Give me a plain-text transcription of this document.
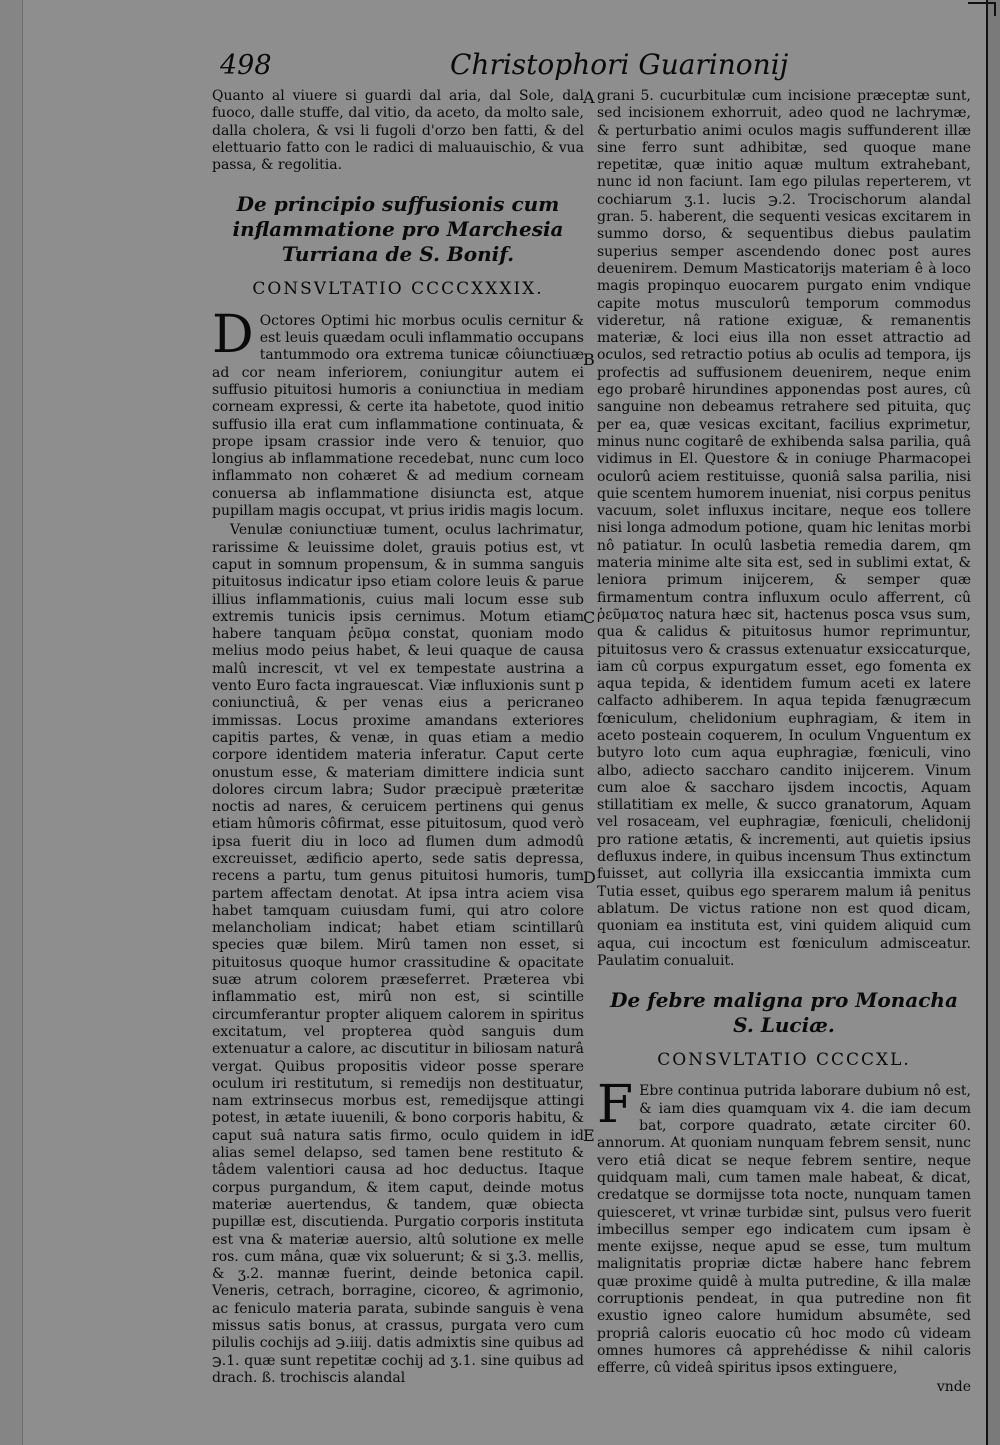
498	Christophori Guarinonij
A
B
C
D
E

Quanto al viuere si guardi dal aria, dal Sole, dal fuoco, dalle stuffe, dal vitio, da aceto, da molto sale, dalla cholera, & vsi li fugoli d'orzo ben fatti, & del elettuario fatto con le radici di maluauischio, & vua passa, & regolitia.

De principio suffusionis cum inflammatione pro Marchesia Turriana de S. Bonif.
CONSVLTATIO CCCCXXXIX.

D Octores Optimi hic morbus oculis cernitur & est leuis quædam oculi inflammatio occupans tantummodo ora extrema tunicæ côiunctiuæ ad cor neam inferiorem, coniungitur autem ei suffusio pituitosi humoris a coniunctiua in mediam corneam expressi, & certe ita habetote, quod initio suffusio illa erat cum inflammatione continuata, & prope ipsam crassior inde vero & tenuior, quo longius ab inflammatione recedebat, nunc cum loco inflammato non cohæret & ad medium corneam conuersa ab inflammatione disiuncta est, atque pupillam magis occupat, vt prius iridis magis locum.

Venulæ coniunctiuæ tument, oculus lachrimatur, rarissime & leuissime dolet, grauis potius est, vt caput in somnum propensum, & in summa sanguis pituitosus indicatur ipso etiam colore leuis & parue illius inflammationis, cuius mali locum esse sub extremis tunicis ipsis cernimus. Motum etiam habere tanquam ῥεῦμα constat, quoniam modo melius modo peius habet, & leui quaque de causa malû increscit, vt vel ex tempestate austrina a vento Euro facta ingrauescat. Viæ influxionis sunt p coniunctiuâ, & per venas eius a pericraneo immissas. Locus proxime amandans exteriores capitis partes, & venæ, in quas etiam a medio corpore identidem materia inferatur. Caput certe onustum esse, & materiam dimittere indicia sunt dolores circum labra; Sudor præcipuè præteritæ noctis ad nares, & ceruicem pertinens qui genus etiam hûmoris côfirmat, esse pituitosum, quod verò ipsa fuerit diu in loco ad flumen dum admodû excreuisset, ædificio aperto, sede satis depressa, recens a partu, tum genus pituitosi humoris, tum partem affectam denotat. At ipsa intra aciem visa habet tamquam cuiusdam fumi, qui atro colore melancholiam indicat; habet etiam scintillarû species quæ bilem. Mirû tamen non esset, si pituitosus quoque humor crassitudine & opacitate suæ atrum colorem præseferret. Præterea vbi inflammatio est, mirû non est, si scintille circumferantur propter aliquem calorem in spiritus excitatum, vel propterea quòd sanguis dum extenuatur a calore, ac discutitur in biliosam naturâ vergat. Quibus propositis videor posse sperare oculum iri restitutum, si remedijs non destituatur, nam extrinsecus morbus est, remedijsque attingi potest, in ætate iuuenili, & bono corporis habitu, & caput suâ natura satis firmo, oculo quidem in id alias semel delapso, sed tamen bene restituto & tâdem valentiori causa ad hoc deductus. Itaque corpus purgandum, & item caput, deinde motus materiæ auertendus, & tandem, quæ obiecta pupillæ est, discutienda. Purgatio corporis instituta est vna & materiæ auersio, altû solutione ex melle ros. cum mâna, quæ vix soluerunt; & si ʒ.3. mellis, & ʒ.2. mannæ fuerint, deinde betonica capil. Veneris, cetrach, borragine, cicoreo, & agrimonio, ac feniculo materia parata, subinde sanguis è vena missus satis bonus, at crassus, purgata vero cum pilulis cochijs ad ℈.iiij. datis admixtis sine quibus ad ℈.1. quæ sunt repetitæ cochij ad ʒ.1. sine quibus ad drach. ß. trochiscis alandal

grani 5. cucurbitulæ cum incisione præceptæ sunt, sed incisionem exhorruit, adeo quod ne lachrymæ, & perturbatio animi oculos magis suffunderent illæ sine ferro sunt adhibitæ, sed quoque mane repetitæ, quæ initio aquæ multum extrahebant, nunc id non faciunt. Iam ego pilulas reperterem, vt cochiarum ʒ.1. lucis ℈.2. Trocischorum alandal gran. 5. haberent, die sequenti vesicas excitarem in summo dorso, & sequentibus diebus paulatim superius semper ascendendo donec post aures deuenirem. Demum Masticatorijs materiam ê à loco magis propinquo euocarem purgato enim vndique capite motus musculorû temporum commodus videretur, nâ ratione exiguæ, & remanentis materiæ, & loci eius illa non esset attractio ad oculos, sed retractio potius ab oculis ad tempora, ijs profectis ad suffusionem deuenirem, neque enim ego probarê hirundines apponendas post aures, cû sanguine non debeamus retrahere sed pituita, quç per ea, quæ vesicas excitant, facilius exprimetur, minus nunc cogitarê de exhibenda salsa parilia, quâ vidimus in El. Questore & in coniuge Pharmacopei oculorû aciem restituisse, quoniâ salsa parilia, nisi quie scentem humorem inueniat, nisi corpus penitus vacuum, solet influxus incitare, neque eos tollere nisi longa admodum potione, quam hic lenitas morbi nô patiatur. In oculû lasbetia remedia darem, qm materia minime alte sita est, sed in sublimi extat, & leniora primum inijcerem, & semper quæ firmamentum contra influxum oculo afferrent, cû ῥεῦματος natura hæc sit, hactenus posca vsus sum, qua & calidus & pituitosus humor reprimuntur, pituitosus vero & crassus extenuatur exsiccaturque, iam cû corpus expurgatum esset, ego fomenta ex aqua tepida, & identidem fumum aceti ex latere calfacto adhiberem. In aqua tepida fænugræcum fœniculum, chelidonium euphragiam, & item in aceto posteain coquerem, In oculum Vnguentum ex butyro loto cum aqua euphragiæ, fœniculi, vino albo, adiecto saccharo candito inijcerem. Vinum cum aloe & saccharo ijsdem incoctis, Aquam stillatitiam ex melle, & succo granatorum, Aquam vel rosaceam, vel euphragiæ, fœniculi, chelidonij pro ratione ætatis, & incrementi, aut quietis ipsius defluxus indere, in quibus incensum Thus extinctum fuisset, aut collyria illa exsiccantia immixta cum Tutia esset, quibus ego sperarem malum iâ penitus ablatum. De victus ratione non est quod dicam, quoniam ea instituta est, vini quidem aliquid cum aqua, cui incoctum est fœniculum admisceatur. Paulatim conualuit.

De febre maligna pro Monacha S. Luciæ.
CONSVLTATIO CCCCXL.

F Ebre continua putrida laborare dubium nô est, & iam dies quamquam vix 4. die iam decum bat, corpore quadrato, ætate circiter 60. annorum. At quoniam nunquam febrem sensit, nunc vero etiâ dicat se neque febrem sentire, neque quidquam mali, cum tamen male habeat, & dicat, credatque se dormijsse tota nocte, nunquam tamen quiesceret, vt vrinæ turbidæ sint, pulsus vero fuerit imbecillus semper ego indicatem cum ipsam è mente exijsse, neque apud se esse, tum multum malignitatis propriæ dictæ habere hanc febrem quæ proxime quidê à multa putredine, & illa malæ corruptionis pendeat, in qua putredine non fit exustio igneo calore humidum absumête, sed propriâ caloris euocatio cû hoc modo cû videam omnes humores câ apprehédisse & nihil caloris efferre, cû videâ spiritus ipsos extinguere,

vnde
